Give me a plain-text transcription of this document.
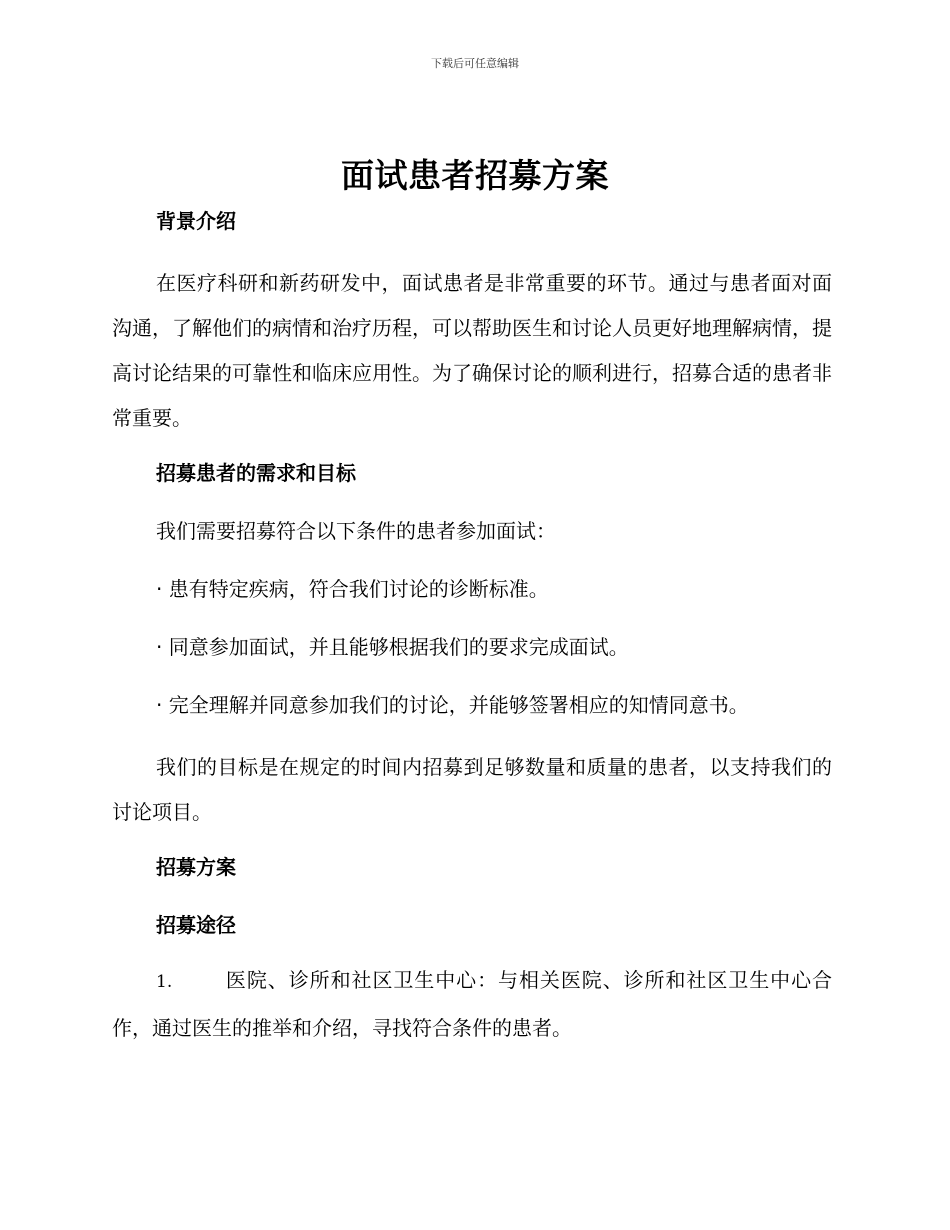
下载后可任意编辑
面试患者招募方案

背景介绍

在医疗科研和新药研发中，面试患者是非常重要的环节。通过与患者面对面沟通，了解他们的病情和治疗历程，可以帮助医生和讨论人员更好地理解病情，提高讨论结果的可靠性和临床应用性。为了确保讨论的顺利进行，招募合适的患者非常重要。

招募患者的需求和目标

我们需要招募符合以下条件的患者参加面试：

· 患有特定疾病，符合我们讨论的诊断标准。

· 同意参加面试，并且能够根据我们的要求完成面试。

· 完全理解并同意参加我们的讨论，并能够签署相应的知情同意书。

我们的目标是在规定的时间内招募到足够数量和质量的患者，以支持我们的讨论项目。

招募方案

招募途径

1.	医院、诊所和社区卫生中心：与相关医院、诊所和社区卫生中心合作，通过医生的推举和介绍，寻找符合条件的患者。
